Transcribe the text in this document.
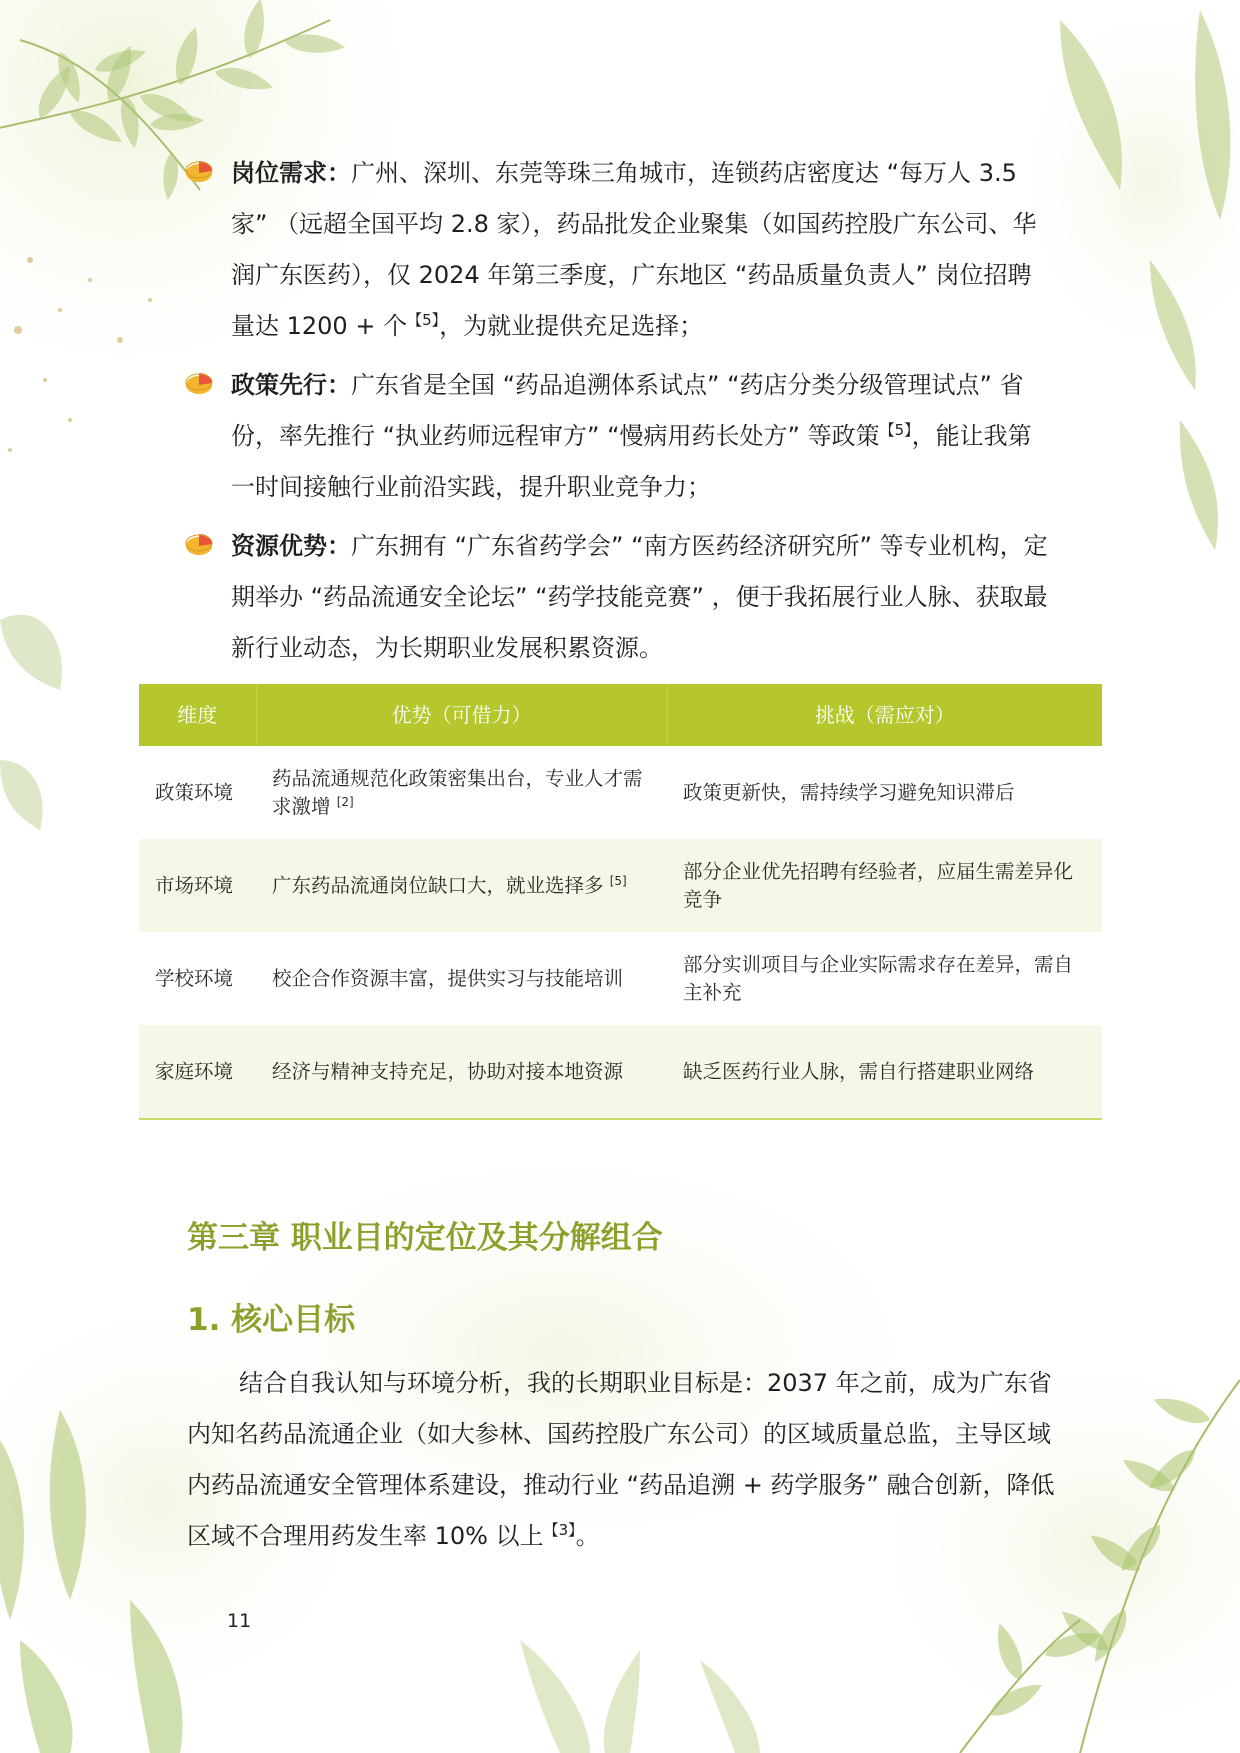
岗位需求：广州、深圳、东莞等珠三角城市，连锁药店密度达 “每万人 3.5 家” （远超全国平均 2.8 家），药品批发企业聚集（如国药控股广东公司、华润广东医药），仅 2024 年第三季度，广东地区 “药品质量负责人” 岗位招聘量达 1200 + 个$^{【5】}$，为就业提供充足选择；
政策先行：广东省是全国 “药品追溯体系试点” “药店分类分级管理试点” 省份，率先推行 “执业药师远程审方” “慢病用药长处方” 等政策$^{【5】}$，能让我第一时间接触行业前沿实践，提升职业竞争力；
资源优势：广东拥有 “广东省药学会” “南方医药经济研究所” 等专业机构，定期举办 “药品流通安全论坛” “药学技能竞赛” ，便于我拓展行业人脉、获取最新行业动态，为长期职业发展积累资源。
维度	优势（可借力）	挑战（需应对）
政策环境	药品流通规范化政策密集出台，专业人才需求激增 [2]	政策更新快，需持续学习避免知识滞后
市场环境	广东药品流通岗位缺口大，就业选择多 [5]	部分企业优先招聘有经验者，应届生需差异化竞争
学校环境	校企合作资源丰富，提供实习与技能培训	部分实训项目与企业实际需求存在差异，需自主补充
家庭环境	经济与精神支持充足，协助对接本地资源	缺乏医药行业人脉，需自行搭建职业网络
第三章 职业目的定位及其分解组合
1. 核心目标

结合自我认知与环境分析，我的长期职业目标是：2037 年之前，成为广东省内知名药品流通企业（如大参林、国药控股广东公司）的区域质量总监，主导区域内药品流通安全管理体系建设，推动行业 “药品追溯 + 药学服务” 融合创新，降低区域不合理用药发生率 10% 以上$^{【3】}$。

11
